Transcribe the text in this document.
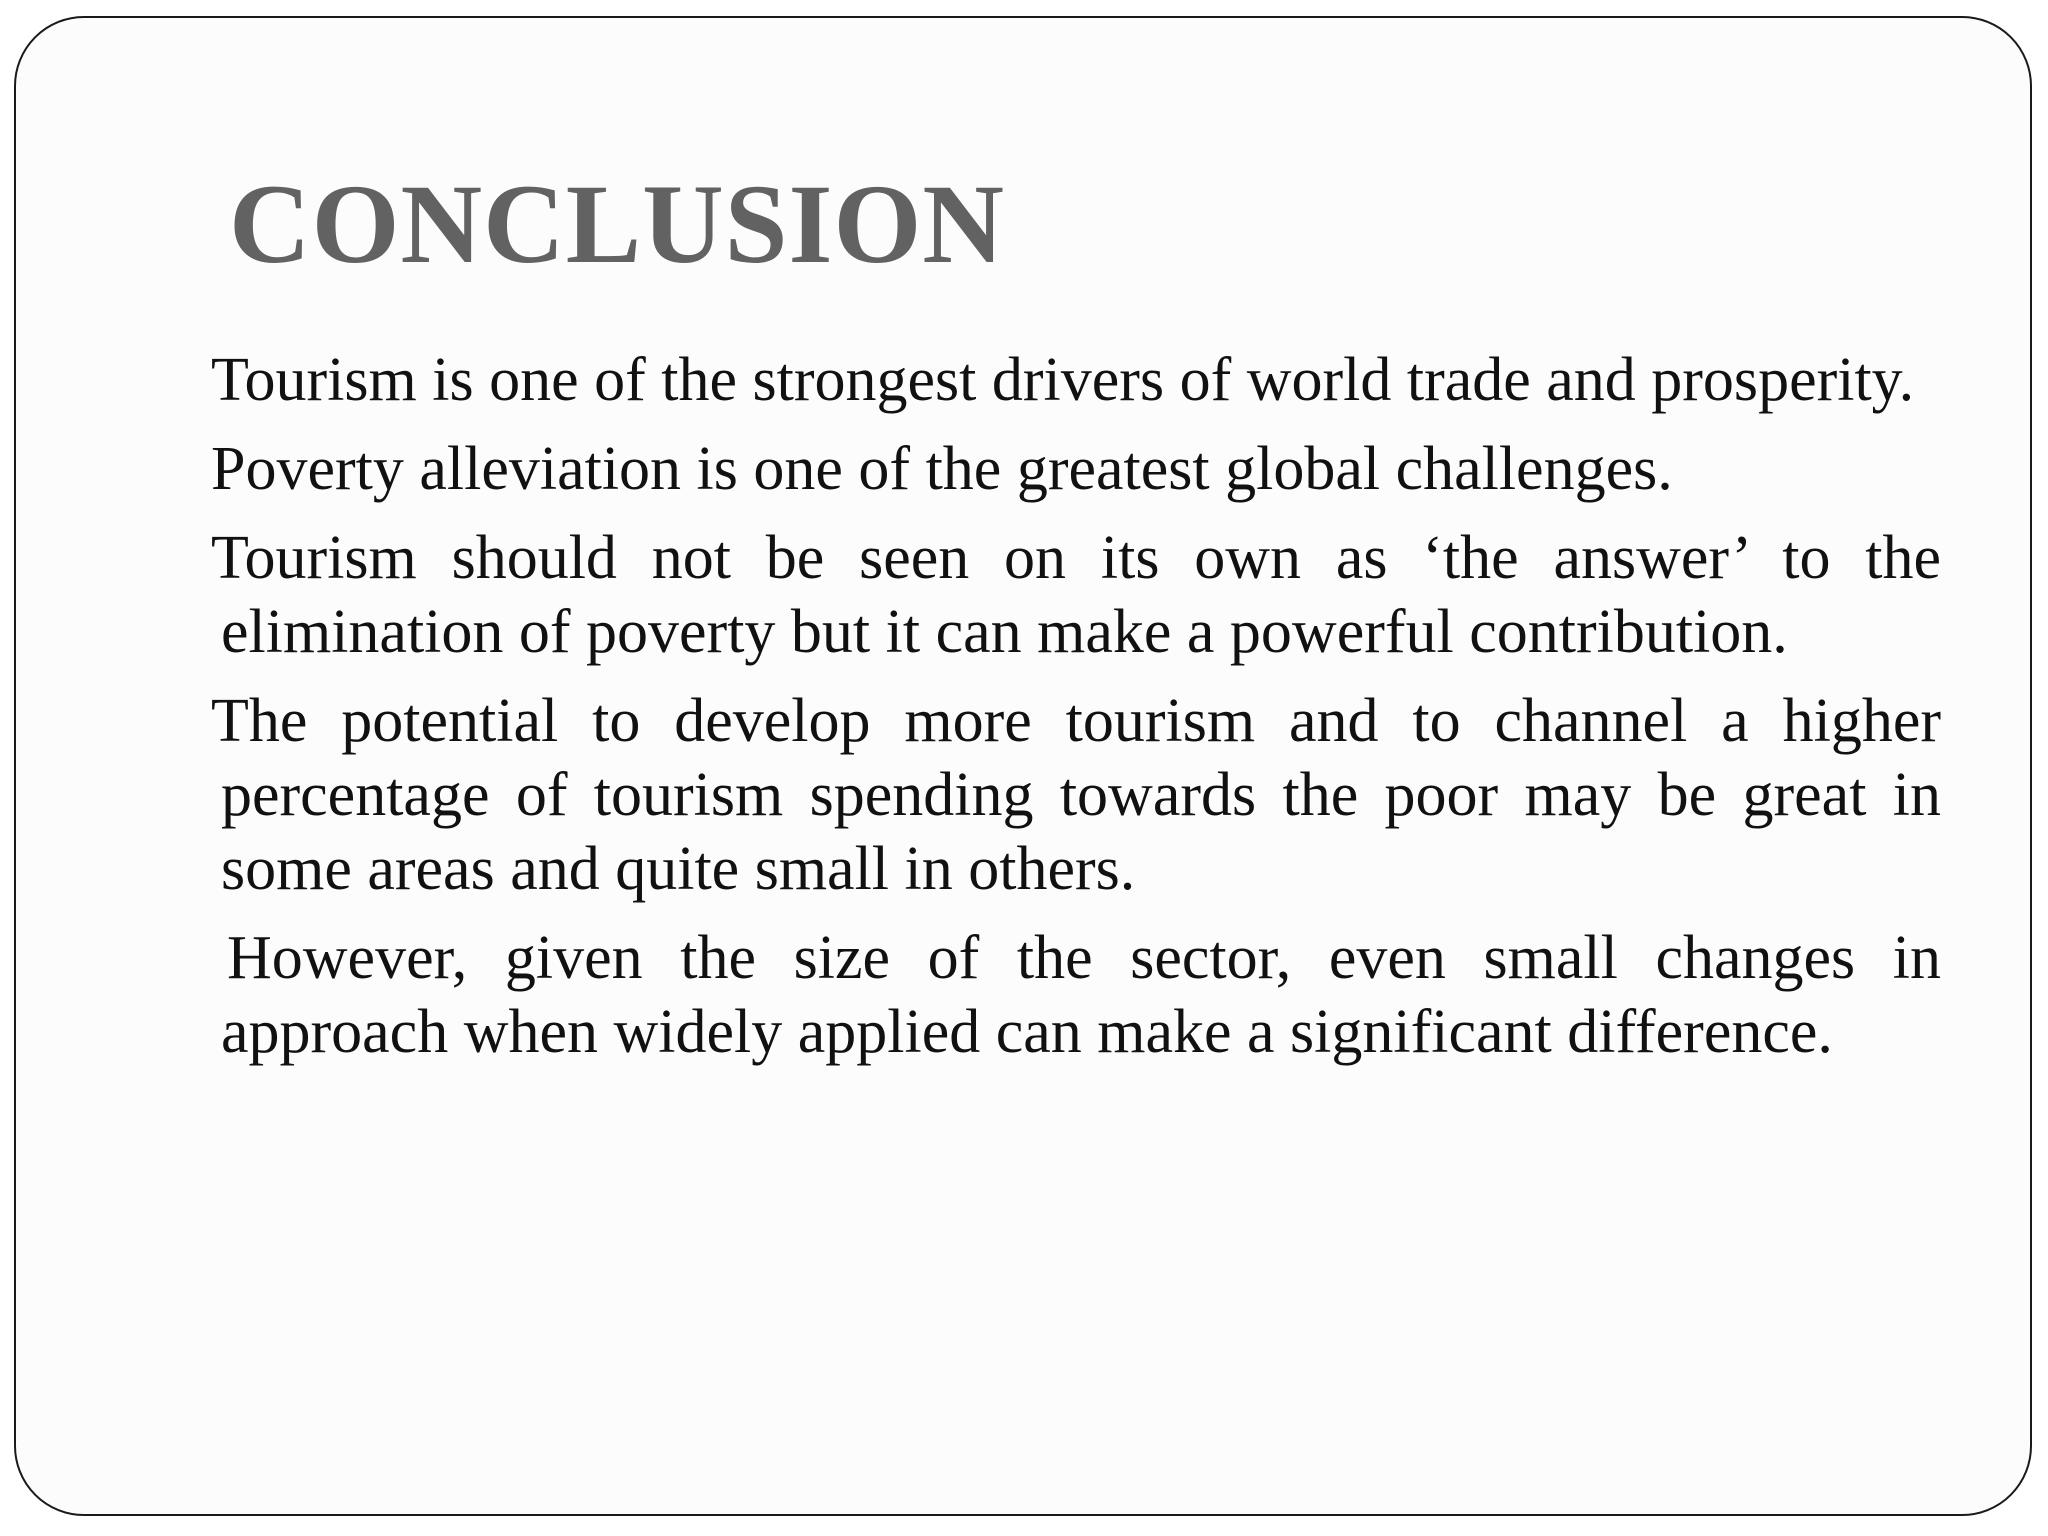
CONCLUSION
Tourism is one of the strongest drivers of world trade and prosperity.
Poverty alleviation is one of the greatest global challenges.
Tourism should not be seen on its own as ‘the answer’ to the elimination of poverty but it can make a powerful contribution.
The potential to develop more tourism and to channel a higher percentage of tourism spending towards the poor may be great in some areas and quite small in others.
However, given the size of the sector, even small changes in approach when widely applied can make a significant difference.
